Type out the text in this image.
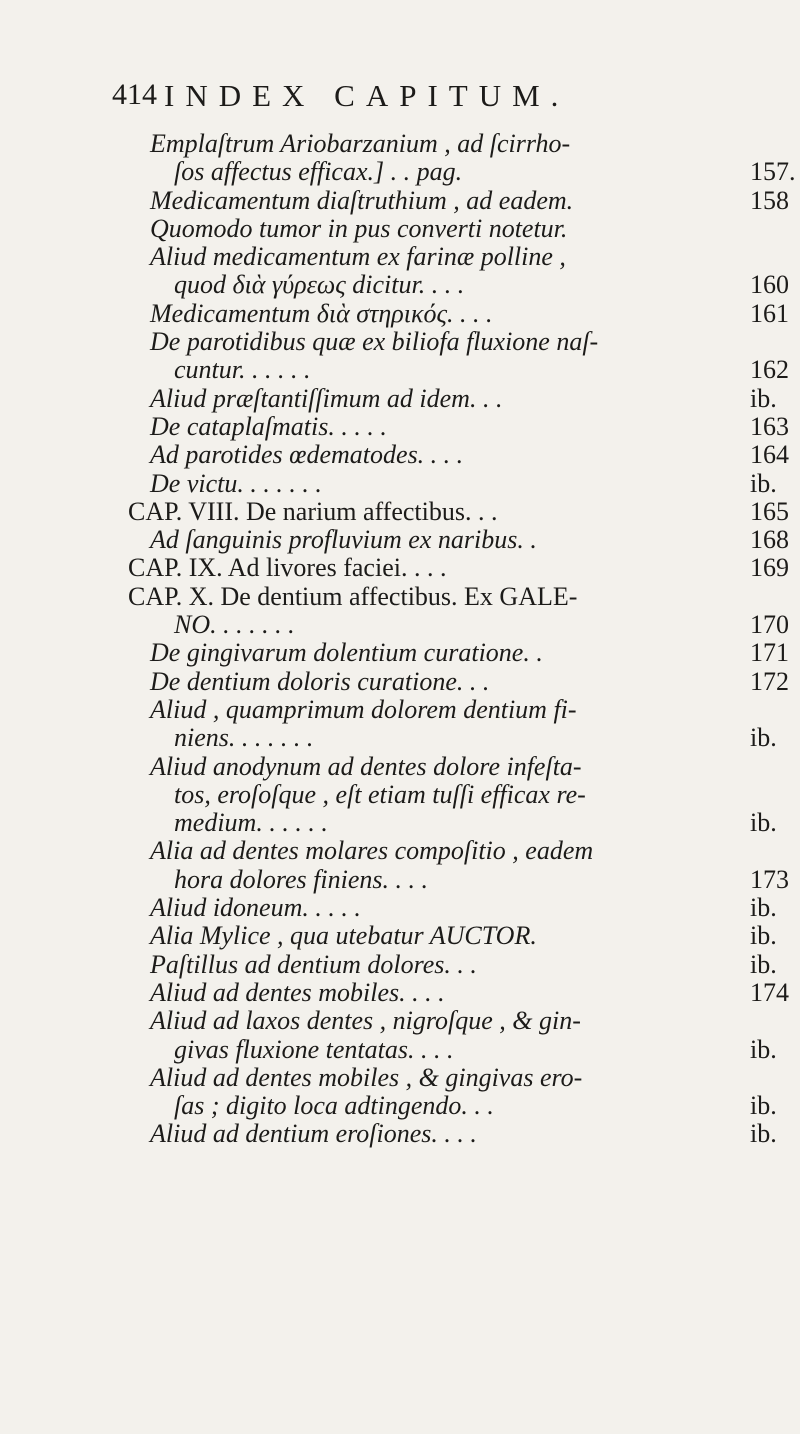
414 INDEX CAPITUM.
Emplaſtrum Ariobarzanium , ad ſcirrho-
ſos affectus efficax.] . . pag.	157.
Medicamentum diaſtruthium , ad eadem.	158
Quomodo tumor in pus converti notetur.
Aliud medicamentum ex farinæ polline ,
quod διὰ γύρεως dicitur. . . .	160
Medicamentum διὰ στηρικός. . . .	161
De parotidibus quæ ex biliofa fluxione naſ-
cuntur. . . . . .	162
Aliud præſtantiſſimum ad idem. . .	ib.
De cataplaſmatis. . . . .	163
Ad parotides œdematodes. . . .	164
De victu. . . . . . .	ib.
CAP. VIII. De narium affectibus. . .	165
Ad ſanguinis profluvium ex naribus. .	168
CAP. IX. Ad livores faciei. . . .	169
CAP. X. De dentium affectibus. Ex GALE-
NO. . . . . . .	170
De gingivarum dolentium curatione. .	171
De dentium doloris curatione. . .	172
Aliud , quamprimum dolorem dentium fi-
niens. . . . . . .	ib.
Aliud anodynum ad dentes dolore infeſta-
tos, eroſoſque , eſt etiam tuſſi efficax re-
medium. . . . . .	ib.
Alia ad dentes molares compoſitio , eadem
hora dolores finiens. . . .	173
Aliud idoneum. . . . .	ib.
Alia Mylice , qua utebatur AUCTOR.	ib.
Paſtillus ad dentium dolores. . .	ib.
Aliud ad dentes mobiles. . . .	174
Aliud ad laxos dentes , nigroſque , & gin-
givas fluxione tentatas. . . .	ib.
Aliud ad dentes mobiles , & gingivas ero-
ſas ; digito loca adtingendo. . .	ib.
Aliud ad dentium eroſiones. . . .	ib.
